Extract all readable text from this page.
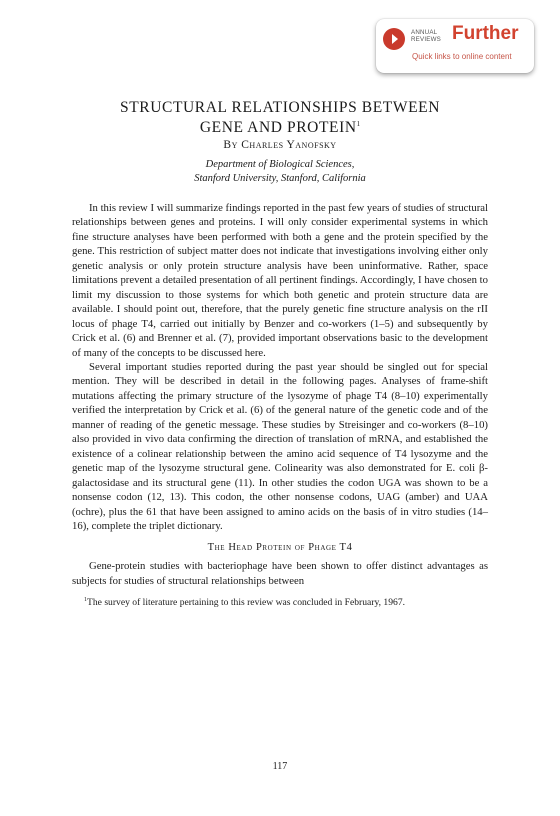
ANNUAL
REVIEWS Further
Quick links to online content
STRUCTURAL RELATIONSHIPS BETWEEN
GENE AND PROTEIN$^1$
By Charles Yanofsky
Department of Biological Sciences,
Stanford University, Stanford, California

In this review I will summarize findings reported in the past few years of studies of structural relationships between genes and proteins. I will only consider experimental systems in which fine structure analyses have been performed with both a gene and the protein specified by the gene. This restriction of subject matter does not indicate that investigations involving either only genetic analysis or only protein structure analysis have been uninformative. Rather, space limitations prevent a detailed presentation of all pertinent findings. Accordingly, I have chosen to limit my discussion to those systems for which both genetic and protein structure data are available. I should point out, therefore, that the purely genetic fine structure analysis on the rII locus of phage T4, carried out initially by Benzer and co-workers (1–5) and subsequently by Crick et al. (6) and Brenner et al. (7), provided important observations basic to the development of many of the concepts to be discussed here.

Several important studies reported during the past year should be singled out for special mention. They will be described in detail in the following pages. Analyses of frame-shift mutations affecting the primary structure of the lysozyme of phage T4 (8–10) experimentally verified the interpretation by Crick et al. (6) of the general nature of the genetic code and of the manner of reading of the genetic message. These studies by Streisinger and co-workers (8–10) also provided in vivo data confirming the direction of translation of mRNA, and established the existence of a colinear relationship between the amino acid sequence of T4 lysozyme and the genetic map of the lysozyme structural gene. Colinearity was also demonstrated for E. coli β-galactosidase and its structural gene (11). In other studies the codon UGA was shown to be a nonsense codon (12, 13). This codon, the other nonsense codons, UAG (amber) and UAA (ochre), plus the 61 that have been assigned to amino acids on the basis of in vitro studies (14–16), complete the triplet dictionary.

The Head Protein of Phage T4

Gene-protein studies with bacteriophage have been shown to offer distinct advantages as subjects for studies of structural relationships between

$^1$The survey of literature pertaining to this review was concluded in February, 1967.
117
